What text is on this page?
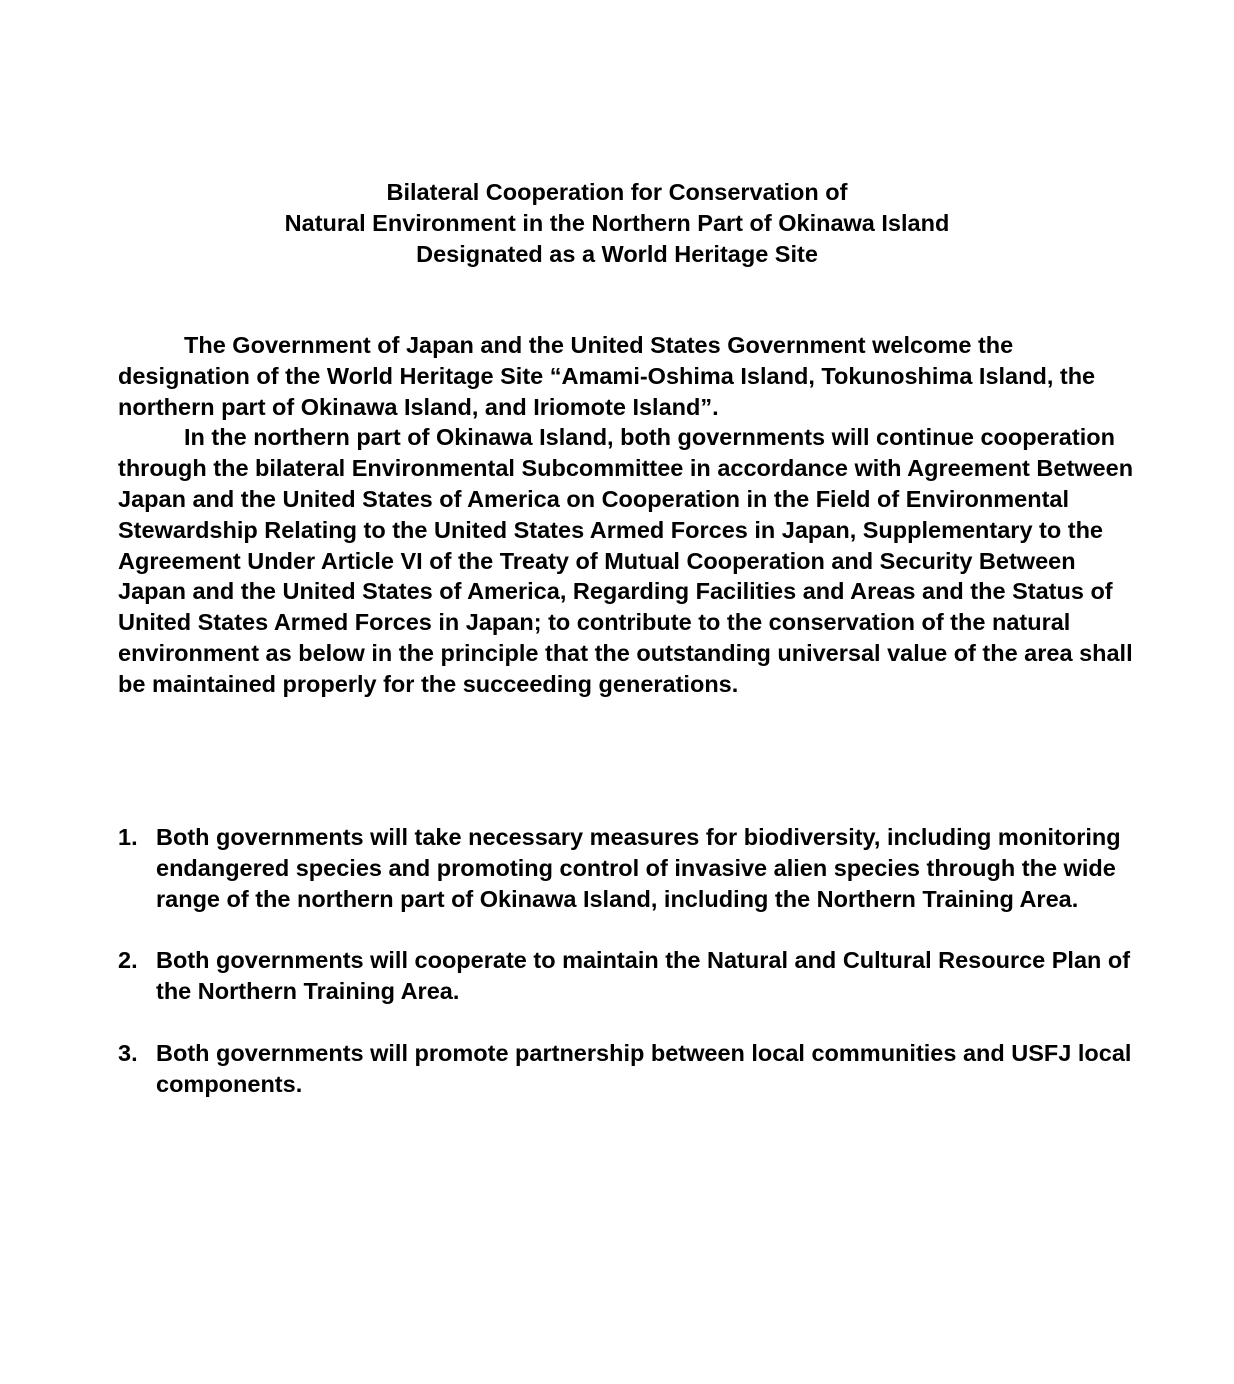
Bilateral Cooperation for Conservation of
Natural Environment in the Northern Part of Okinawa Island
Designated as a World Heritage Site

The Government of Japan and the United States Government welcome the designation of the World Heritage Site “Amami-Oshima Island, Tokunoshima Island, the northern part of Okinawa Island, and Iriomote Island”.

In the northern part of Okinawa Island, both governments will continue cooperation through the bilateral Environmental Subcommittee in accordance with Agreement Between Japan and the United States of America on Cooperation in the Field of Environmental Stewardship Relating to the United States Armed Forces in Japan, Supplementary to the Agreement Under Article VI of the Treaty of Mutual Cooperation and Security Between Japan and the United States of America, Regarding Facilities and Areas and the Status of United States Armed Forces in Japan; to contribute to the conservation of the natural environment as below in the principle that the outstanding universal value of the area shall be maintained properly for the succeeding generations.

1. Both governments will take necessary measures for biodiversity, including monitoring endangered species and promoting control of invasive alien species through the wide range of the northern part of Okinawa Island, including the Northern Training Area.
2. Both governments will cooperate to maintain the Natural and Cultural Resource Plan of the Northern Training Area.
3. Both governments will promote partnership between local communities and USFJ local components.
